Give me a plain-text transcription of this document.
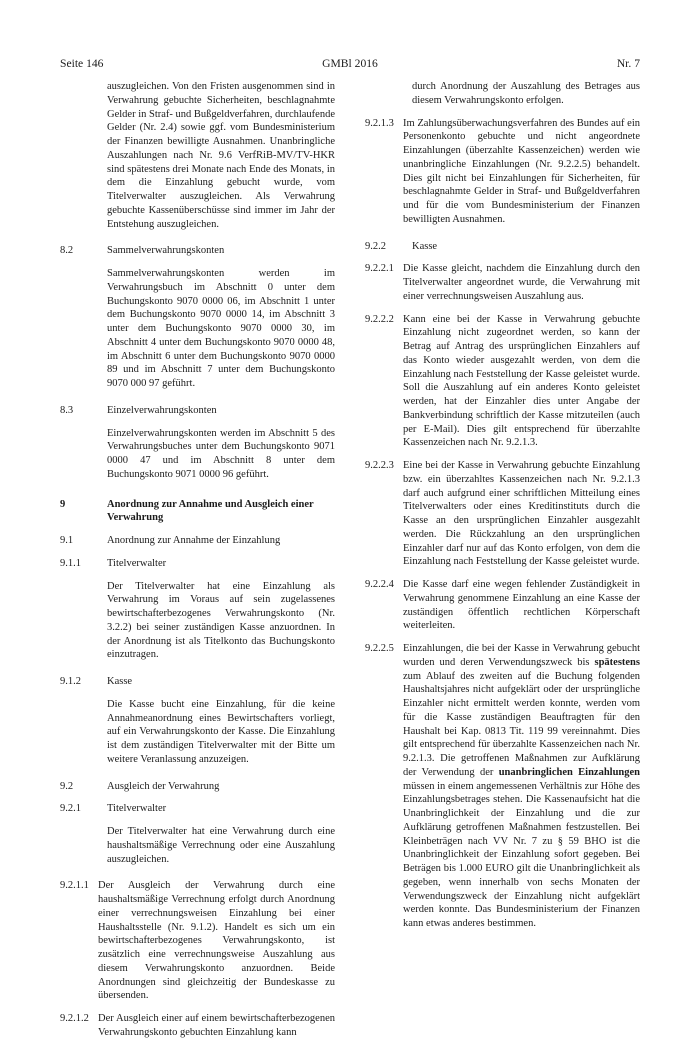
Seite 146	GMBl 2016	Nr. 7

auszugleichen. Von den Fristen ausgenommen sind in Verwahrung gebuchte Sicherheiten, beschlagnahmte Gelder in Straf- und Bußgeldverfahren, durchlaufende Gelder (Nr. 2.4) sowie ggf. vom Bundesministerium der Finanzen bewilligte Ausnahmen. Unanbringliche Auszahlungen nach Nr. 9.6 VerfRiB-MV/TV-HKR sind spätestens drei Monate nach Ende des Monats, in dem die Einzahlung gebucht wurde, vom Titelverwalter auszugleichen. Als Verwahrung gebuchte Kassenüberschüsse sind immer im Jahr der Entstehung auszugleichen.

8.2	Sammelverwahrungskonten

Sammelverwahrungskonten werden im Verwahrungsbuch im Abschnitt 0 unter dem Buchungskonto 9070 0000 06, im Abschnitt 1 unter dem Buchungskonto 9070 0000 14, im Abschnitt 3 unter dem Buchungskonto 9070 0000 30, im Abschnitt 4 unter dem Buchungskonto 9070 0000 48, im Abschnitt 6 unter dem Buchungskonto 9070 0000 89 und im Abschnitt 7 unter dem Buchungskonto 9070 000 97 geführt.

8.3	Einzelverwahrungskonten

Einzelverwahrungskonten werden im Abschnitt 5 des Verwahrungsbuches unter dem Buchungskonto 9071 0000 47 und im Abschnitt 8 unter dem Buchungskonto 9071 0000 96 geführt.

9	Anordnung zur Annahme und Ausgleich einer Verwahrung
9.1	Anordnung zur Annahme der Einzahlung
9.1.1	Titelverwalter

Der Titelverwalter hat eine Einzahlung als Verwahrung im Voraus auf sein zugelassenes bewirtschafterbezogenes Verwahrungskonto (Nr. 3.2.2) bei seiner zuständigen Kasse anzuordnen. In der Anordnung ist als Titelkonto das Buchungskonto einzutragen.

9.1.2	Kasse

Die Kasse bucht eine Einzahlung, für die keine Annahmeanordnung eines Bewirtschafters vorliegt, auf ein Verwahrungskonto der Kasse. Die Einzahlung ist dem zuständigen Titelverwalter mit der Bitte um weitere Veranlassung anzuzeigen.

9.2	Ausgleich der Verwahrung
9.2.1	Titelverwalter

Der Titelverwalter hat eine Verwahrung durch eine haushaltsmäßige Verrechnung oder eine Auszahlung auszugleichen.

9.2.1.1 Der Ausgleich der Verwahrung durch eine haushaltsmäßige Verrechnung erfolgt durch Anordnung einer verrechnungsweisen Einzahlung bei einer Haushaltsstelle (Nr. 9.1.2). Handelt es sich um ein bewirtschafterbezogenes Verwahrungskonto, ist zusätzlich eine verrechnungsweise Auszahlung aus diesem Verwahrungskonto anzuordnen. Beide Anordnungen sind gleichzeitig der Bundeskasse zu übersenden.
9.2.1.2 Der Ausgleich einer auf einem bewirtschafterbezogenen Verwahrungskonto gebuchten Einzahlung kann

durch Anordnung der Auszahlung des Betrages aus diesem Verwahrungskonto erfolgen.

9.2.1.3 Im Zahlungsüberwachungsverfahren des Bundes auf ein Personenkonto gebuchte und nicht angeordnete Einzahlungen (überzahlte Kassenzeichen) werden wie unanbringliche Einzahlungen (Nr. 9.2.2.5) behandelt. Dies gilt nicht bei Einzahlungen für Sicherheiten, für beschlagnahmte Gelder in Straf- und Bußgeldverfahren und für die vom Bundesministerium der Finanzen bewilligten Ausnahmen.
9.2.2	Kasse
9.2.2.1 Die Kasse gleicht, nachdem die Einzahlung durch den Titelverwalter angeordnet wurde, die Verwahrung mit einer verrechnungsweisen Auszahlung aus.
9.2.2.2 Kann eine bei der Kasse in Verwahrung gebuchte Einzahlung nicht zugeordnet werden, so kann der Betrag auf Antrag des ursprünglichen Einzahlers auf das Konto wieder ausgezahlt werden, von dem die Einzahlung nach Feststellung der Kasse geleistet wurde. Soll die Auszahlung auf ein anderes Konto geleistet werden, hat der Einzahler dies unter Angabe der Bankverbindung schriftlich der Kasse mitzuteilen (auch per E-Mail). Dies gilt entsprechend für überzahlte Kassenzeichen nach Nr. 9.2.1.3.
9.2.2.3 Eine bei der Kasse in Verwahrung gebuchte Einzahlung bzw. ein überzahltes Kassenzeichen nach Nr. 9.2.1.3 darf auch aufgrund einer schriftlichen Mitteilung eines Titelverwalters oder eines Kreditinstituts durch die Kasse an den ursprünglichen Einzahler ausgezahlt werden. Die Rückzahlung an den ursprünglichen Einzahler darf nur auf das Konto erfolgen, von dem die Einzahlung nach Feststellung der Kasse geleistet wurde.
9.2.2.4 Die Kasse darf eine wegen fehlender Zuständigkeit in Verwahrung genommene Einzahlung an eine Kasse der zuständigen öffentlich rechtlichen Körperschaft weiterleiten.
9.2.2.5 Einzahlungen, die bei der Kasse in Verwahrung gebucht wurden und deren Verwendungszweck bis spätestens zum Ablauf des zweiten auf die Buchung folgenden Haushaltsjahres nicht aufgeklärt oder der ursprüngliche Einzahler nicht ermittelt werden konnte, werden vom für die Kasse zuständigen Beauftragten für den Haushalt bei Kap. 0813 Tit. 119 99 vereinnahmt. Dies gilt entsprechend für überzahlte Kassenzeichen nach Nr. 9.2.1.3. Die getroffenen Maßnahmen zur Aufklärung der Verwendung der unanbringlichen Einzahlungen müssen in einem angemessenen Verhältnis zur Höhe des Einzahlungsbetrages stehen. Die Kassenaufsicht hat die Unanbringlichkeit der Einzahlung und die zur Aufklärung getroffenen Maßnahmen festzustellen. Bei Kleinbeträgen nach VV Nr. 7 zu § 59 BHO ist die Unanbringlichkeit der Einzahlung sofort gegeben. Bei Beträgen bis 1.000 EURO gilt die Unanbringlichkeit als gegeben, wenn innerhalb von sechs Monaten der Verwendungszweck der Einzahlung nicht aufgeklärt werden konnte. Das Bundesministerium der Finanzen kann etwas anderes bestimmen.
